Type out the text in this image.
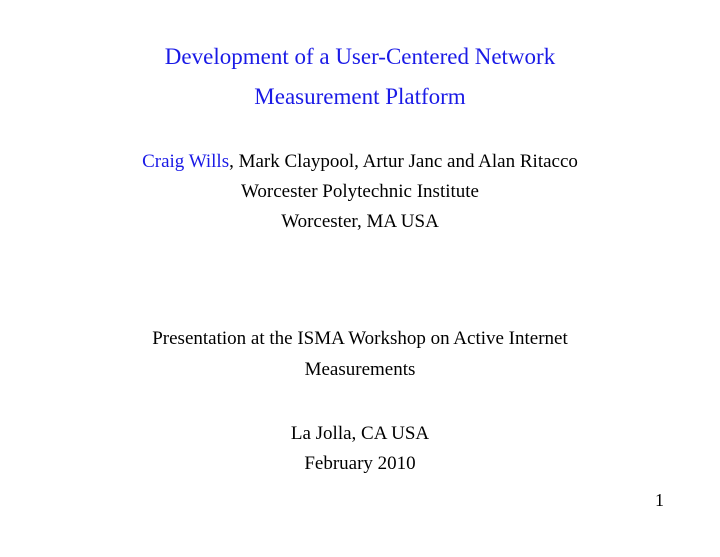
Development of a User-Centered Network
Measurement Platform
Craig Wills, Mark Claypool, Artur Janc and Alan Ritacco
Worcester Polytechnic Institute
Worcester, MA USA
Presentation at the ISMA Workshop on Active Internet
Measurements
La Jolla, CA USA
February 2010
1
